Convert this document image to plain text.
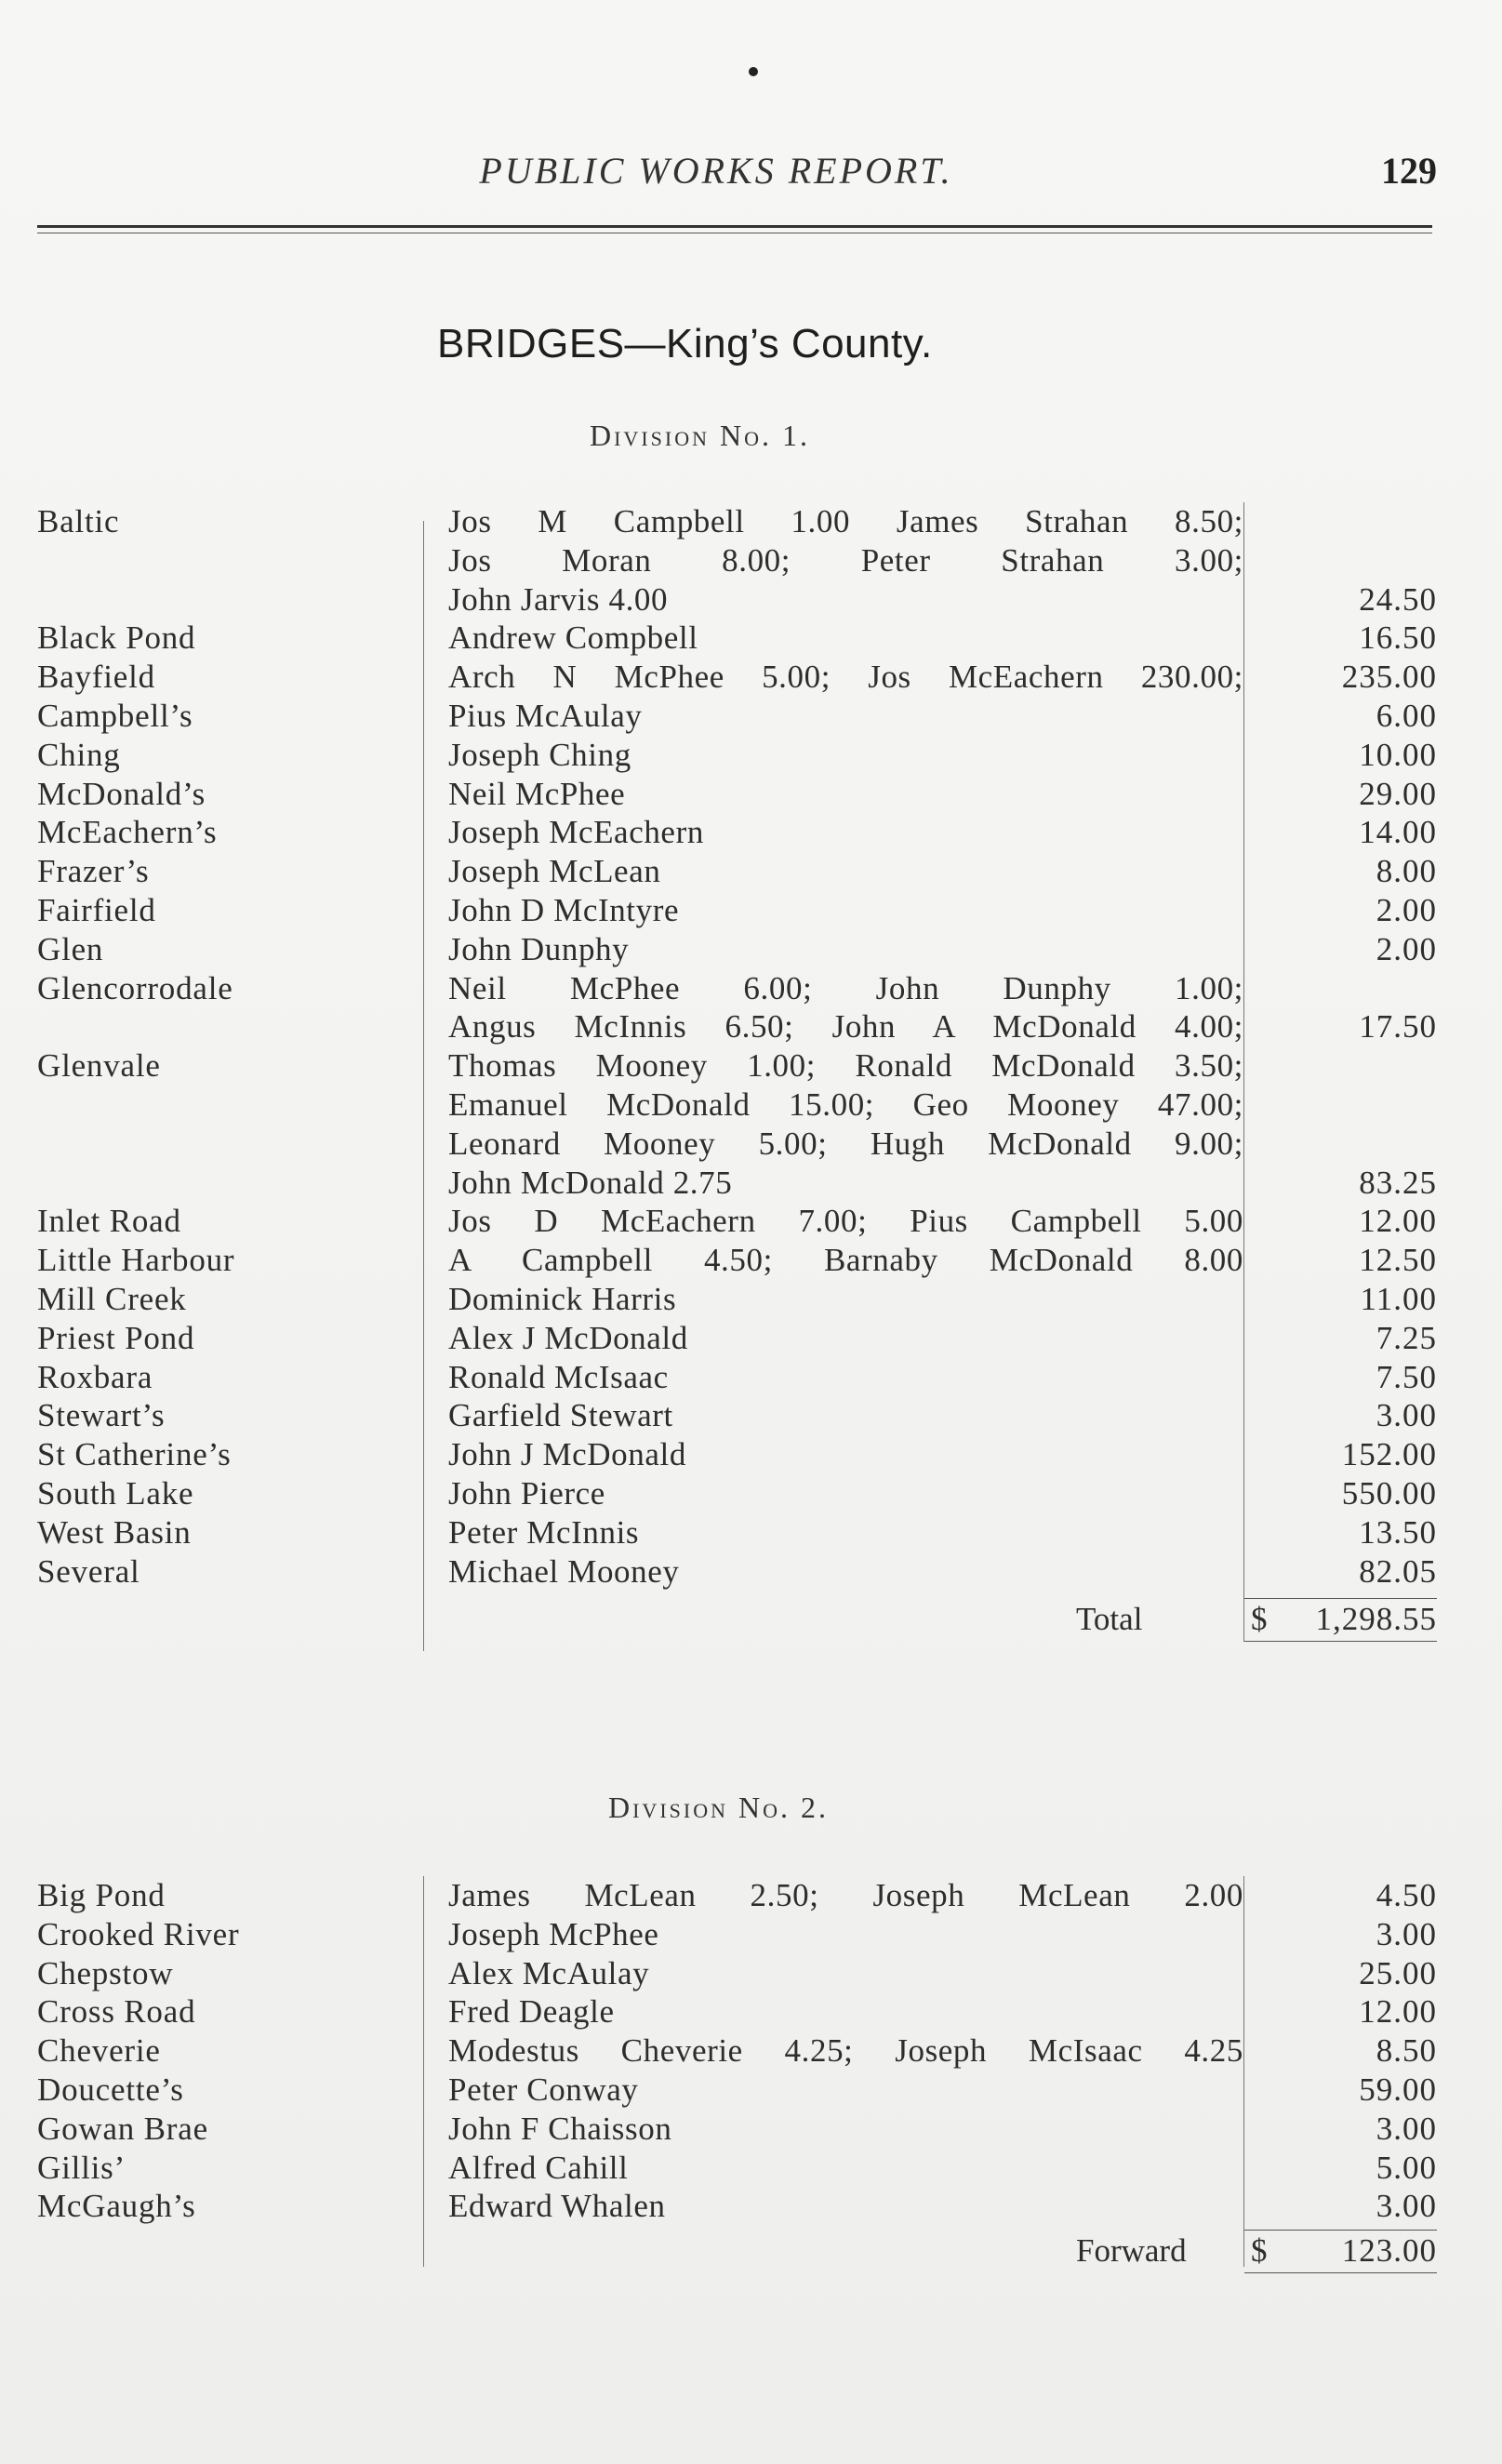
PUBLIC WORKS REPORT.	129
BRIDGES—King’s County.
Division No. 1.
Baltic	Jos M Campbell 1.00 James Strahan 8.50;
Jos Moran 8.00; Peter Strahan 3.00;
John Jarvis 4.00	24.50
Black Pond	Andrew Compbell	16.50
Bayfield	Arch N McPhee 5.00; Jos McEachern 230.00;	235.00
Campbell’s	Pius McAulay	6.00
Ching	Joseph Ching	10.00
McDonald’s	Neil McPhee	29.00
McEachern’s	Joseph McEachern	14.00
Frazer’s	Joseph McLean	8.00
Fairfield	John D McIntyre	2.00
Glen	John Dunphy	2.00
Glencorrodale	Neil McPhee 6.00; John Dunphy 1.00;
Angus McInnis 6.50; John A McDonald 4.00;	17.50
Glenvale	Thomas Mooney 1.00; Ronald McDonald 3.50;
Emanuel McDonald 15.00; Geo Mooney 47.00;
Leonard Mooney 5.00; Hugh McDonald 9.00;
John McDonald 2.75	83.25
Inlet Road	Jos D McEachern 7.00; Pius Campbell 5.00	12.00
Little Harbour	A Campbell 4.50; Barnaby McDonald 8.00	12.50
Mill Creek	Dominick Harris	11.00
Priest Pond	Alex J McDonald	7.25
Roxbara	Ronald McIsaac	7.50
Stewart’s	Garfield Stewart	3.00
St Catherine’s	John J McDonald	152.00
South Lake	John Pierce	550.00
West Basin	Peter McInnis	13.50
Several	Michael Mooney	82.05
Total	$ 1,298.55
Division No. 2.
Big Pond	James McLean 2.50; Joseph McLean 2.00	4.50
Crooked River	Joseph McPhee	3.00
Chepstow	Alex McAulay	25.00
Cross Road	Fred Deagle	12.00
Cheverie	Modestus Cheverie 4.25; Joseph McIsaac 4.25	8.50
Doucette’s	Peter Conway	59.00
Gowan Brae	John F Chaisson	3.00
Gillis’	Alfred Cahill	5.00
McGaugh’s	Edward Whalen	3.00
Forward $ 123.00
